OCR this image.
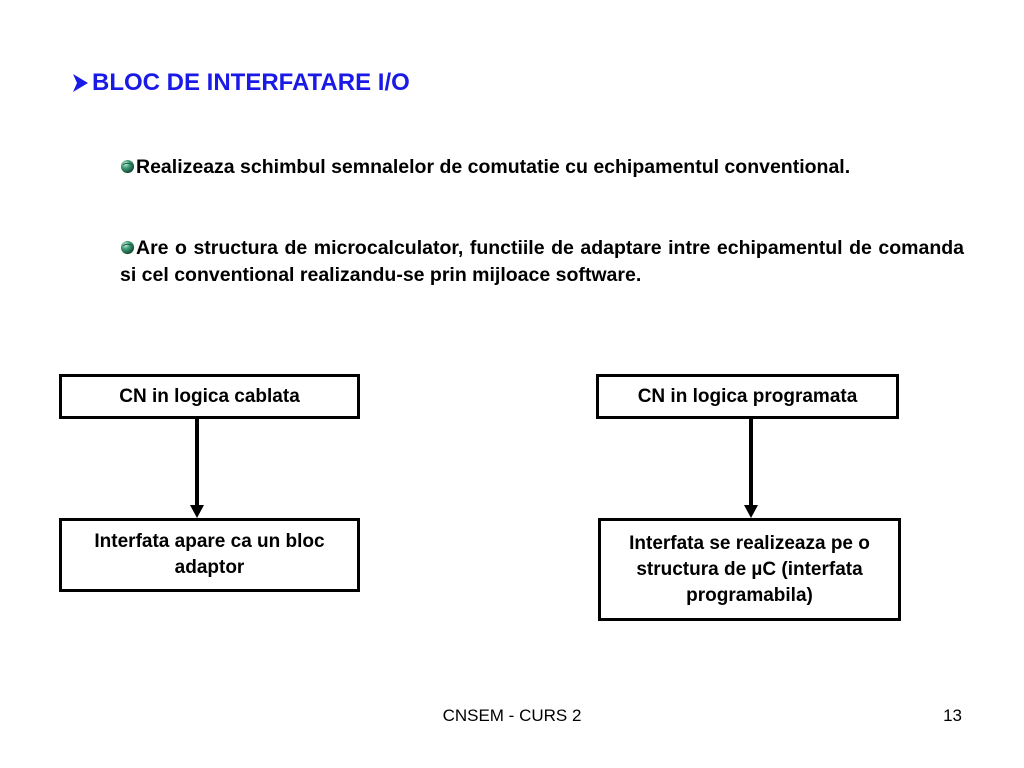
BLOC DE INTERFATARE I/O

Realizeaza schimbul semnalelor de comutatie cu echipamentul conventional.

Are o structura de microcalculator, functiile de adaptare intre echipamentul de comanda si cel conventional realizandu-se prin mijloace software.

CN in logica cablata
Interfata apare ca un bloc adaptor
CN in logica programata
Interfata se realizeaza pe o structura de µC (interfata programabila)
CNSEM - CURS 2	13
